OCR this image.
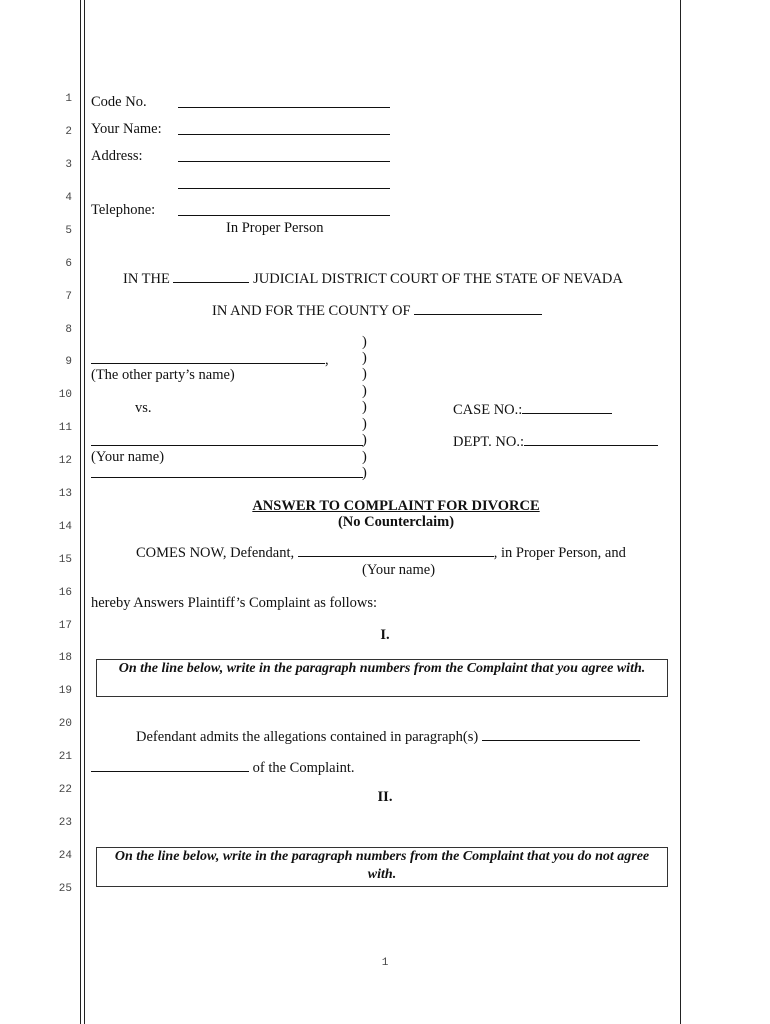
1
2
3
4
5
6
7
8
9
10
11
12
13
14
15
16
17
18
19
20
21
22
23
24
25
Code No.
Your Name:
Address:
Telephone:
In Proper Person
IN THE	JUDICIAL DISTRICT COURT OF THE STATE OF NEVADA
IN AND FOR THE COUNTY OF
,
(The other party’s name)
vs.
(Your name)
)
)
)
)
)
)
)
)
)
CASE NO.:
DEPT. NO.:
ANSWER TO COMPLAINT FOR DIVORCE
(No Counterclaim)
COMES NOW, Defendant,	, in Proper Person, and
(Your name)
hereby Answers Plaintiff’s Complaint as follows:
I.
On the line below, write in the paragraph numbers from the Complaint that you agree with.
Defendant admits the allegations contained in paragraph(s)
of the Complaint.
II.
On the line below, write in the paragraph numbers from the Complaint that you do not agree with.
1
